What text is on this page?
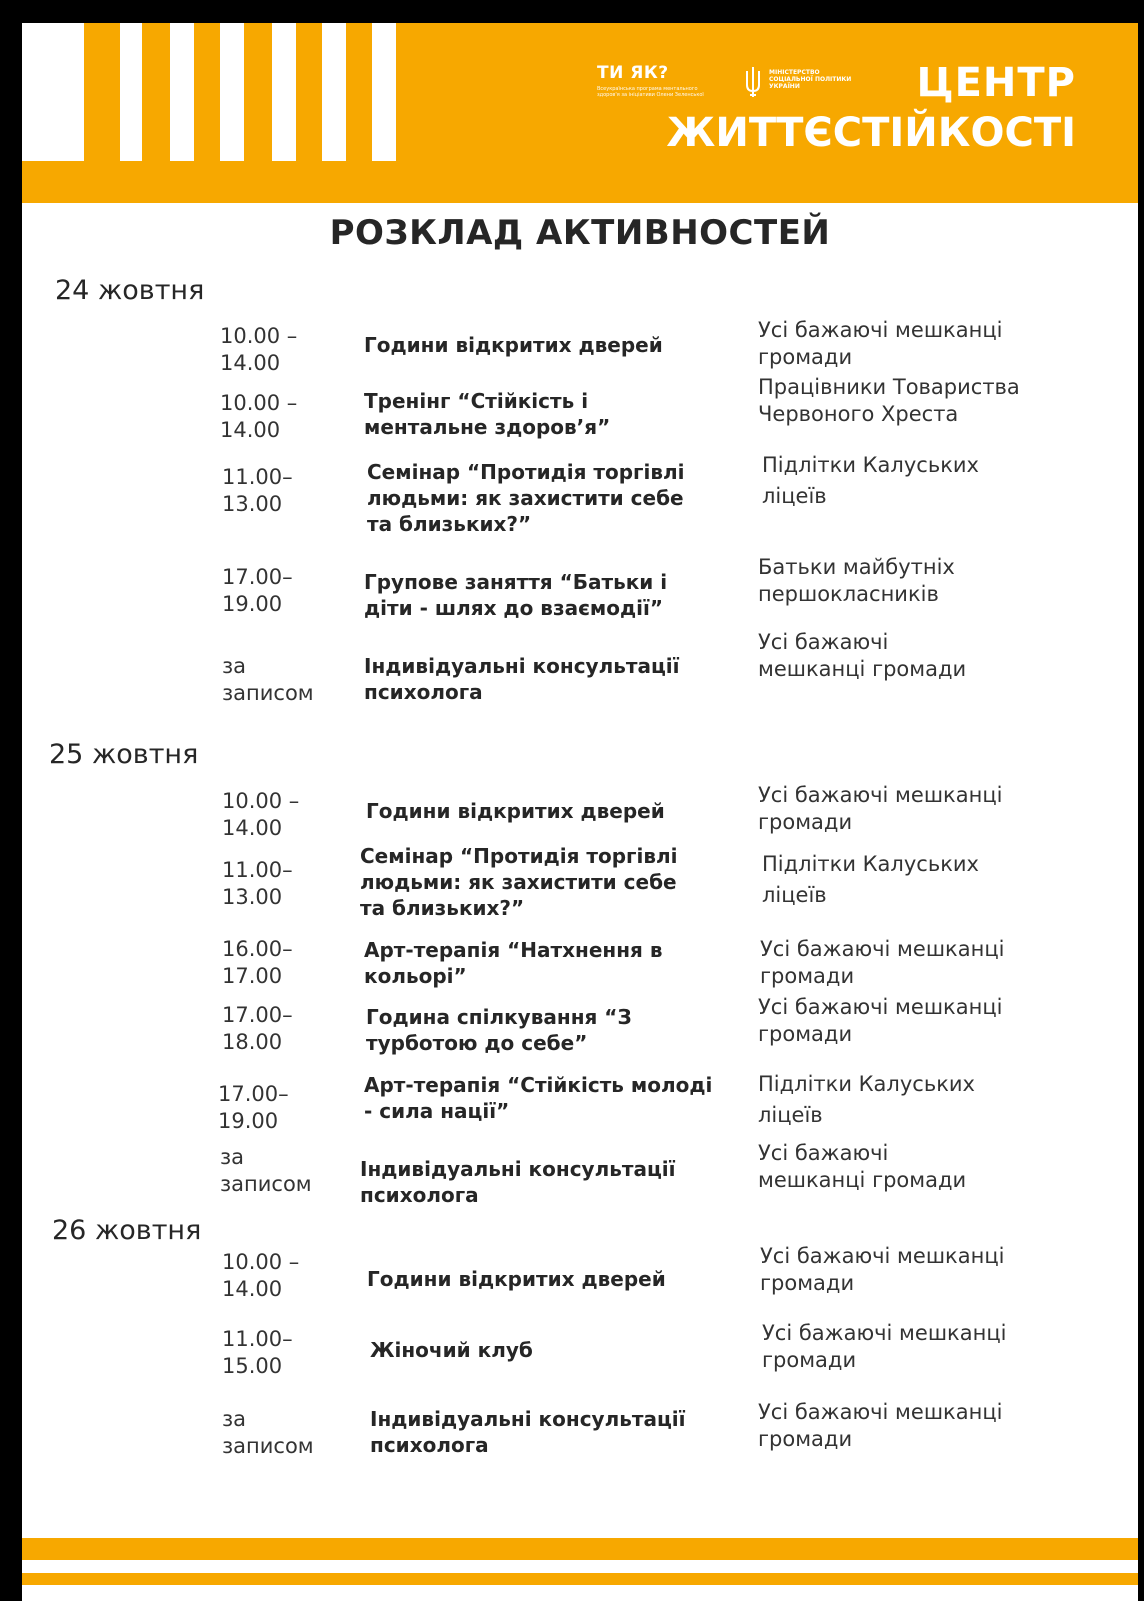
ТИ ЯК?
Всеукраїнська програма ментального здоров'я за ініціативи Олени Зеленської
МІНІСТЕРСТВО
СОЦІАЛЬНОЇ ПОЛІТИКИ
УКРАЇНИ	ЦЕНТР
ЖИТТЄСТІЙКОСТІ
РОЗКЛАД АКТИВНОСТЕЙ
24 жовтня
10.00 –
14.00
Години відкритих дверей
Усі бажаючі мешканці
громади
10.00 –
14.00
Тренінг “Стійкість і
ментальне здоров’я”
Працівники Товариства
Червоного Хреста
11.00–
13.00
Семінар “Протидія торгівлі
людьми: як захистити себе
та близьких?”
Підлітки Калуських
ліцеїв
17.00–
19.00
Групове заняття “Батьки і
діти - шлях до взаємодії”
Батьки майбутніх
першокласників
за
записом
Індивідуальні консультації
психолога
Усі бажаючі
мешканці громади
25 жовтня
10.00 –
14.00
Години відкритих дверей
Усі бажаючі мешканці
громади
11.00–
13.00
Семінар “Протидія торгівлі
людьми: як захистити себе
та близьких?”
Підлітки Калуських
ліцеїв
16.00–
17.00
Арт-терапія “Натхнення в
кольорі”
Усі бажаючі мешканці
громади
17.00–
18.00
Година спілкування “З
турботою до себе”
Усі бажаючі мешканці
громади
17.00–
19.00
Арт-терапія “Стійкість молоді
- сила нації”
Підлітки Калуських
ліцеїв
за
записом
Індивідуальні консультації
психолога
Усі бажаючі
мешканці громади
26 жовтня
10.00 –
14.00	Години відкритих дверей
Усі бажаючі мешканці
громади
11.00–
15.00
Жіночий клуб
Усі бажаючі мешканці
громади
за
записом
Індивідуальні консультації
психолога
Усі бажаючі мешканці
громади
